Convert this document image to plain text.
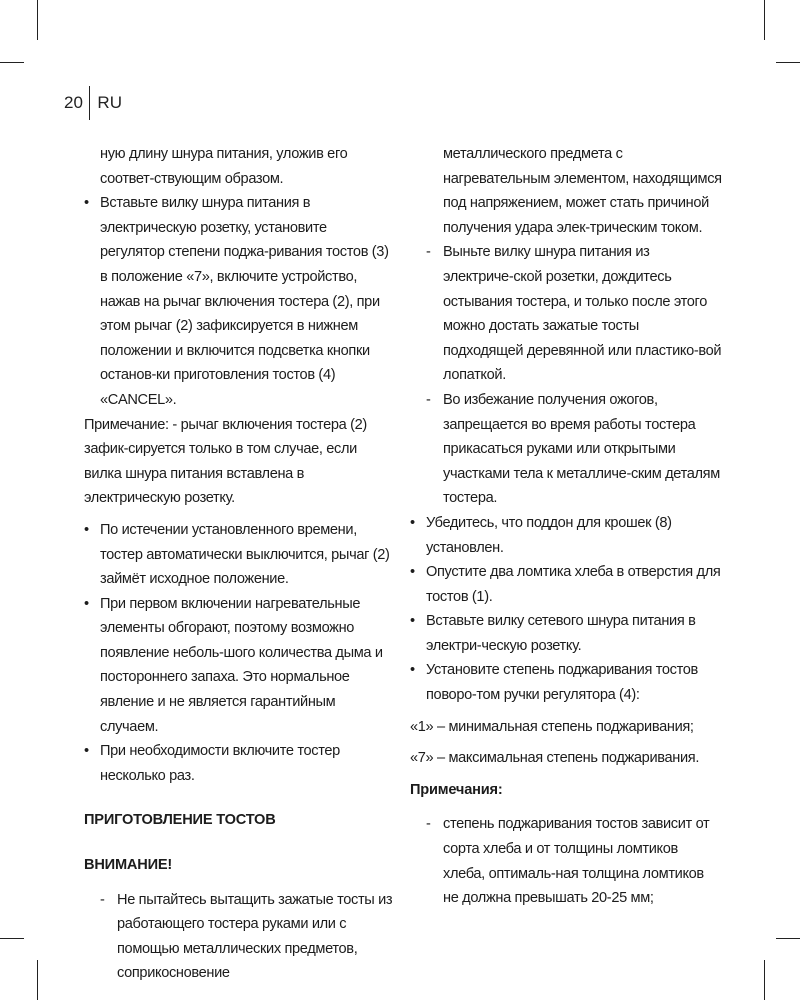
20 RU

ную длину шнура питания, уложив его соответ-ствующим образом.

• Вставьте вилку шнура питания в электрическую розетку, установите регулятор степени поджа-ривания тостов (3) в положение «7», включите устройство, нажав на рычаг включения тостера (2), при этом рычаг (2) зафиксируется в нижнем положении и включится подсветка кнопки останов-ки приготовления тостов (4) «CANCEL».

Примечание: - рычаг включения тостера (2) зафик-сируется только в том случае, если вилка шнура питания вставлена в электрическую розетку.

• По истечении установленного времени, тостер автоматически выключится, рычаг (2) займёт исходное положение.

• При первом включении нагревательные элементы обгорают, поэтому возможно появление неболь-шого количества дыма и постороннего запаха. Это нормальное явление и не является гарантийным случаем.

• При необходимости включите тостер несколько раз.

ПРИГОТОВЛЕНИЕ ТОСТОВ

ВНИМАНИЕ!

- Не пытайтесь вытащить зажатые тосты из работающего тостера руками или с помощью металлических предметов, соприкосновение

металлического предмета с нагревательным элементом, находящимся под напряжением, может стать причиной получения удара элек-трическим током.

- Выньте вилку шнура питания из электриче-ской розетки, дождитесь остывания тостера, и только после этого можно достать зажатые тосты подходящей деревянной или пластико-вой лопаткой.

- Во избежание получения ожогов, запрещается во время работы тостера прикасаться руками или открытыми участками тела к металличе-ским деталям тостера.

• Убедитесь, что поддон для крошек (8) установлен.

• Опустите два ломтика хлеба в отверстия для тостов (1).

• Вставьте вилку сетевого шнура питания в электри-ческую розетку.

• Установите степень поджаривания тостов поворо-том ручки регулятора (4):

«1» – минимальная степень поджаривания;

«7» – максимальная степень поджаривания.

Примечания:

- степень поджаривания тостов зависит от сорта хлеба и от толщины ломтиков хлеба, оптималь-ная толщина ломтиков не должна превышать 20-25 мм;
